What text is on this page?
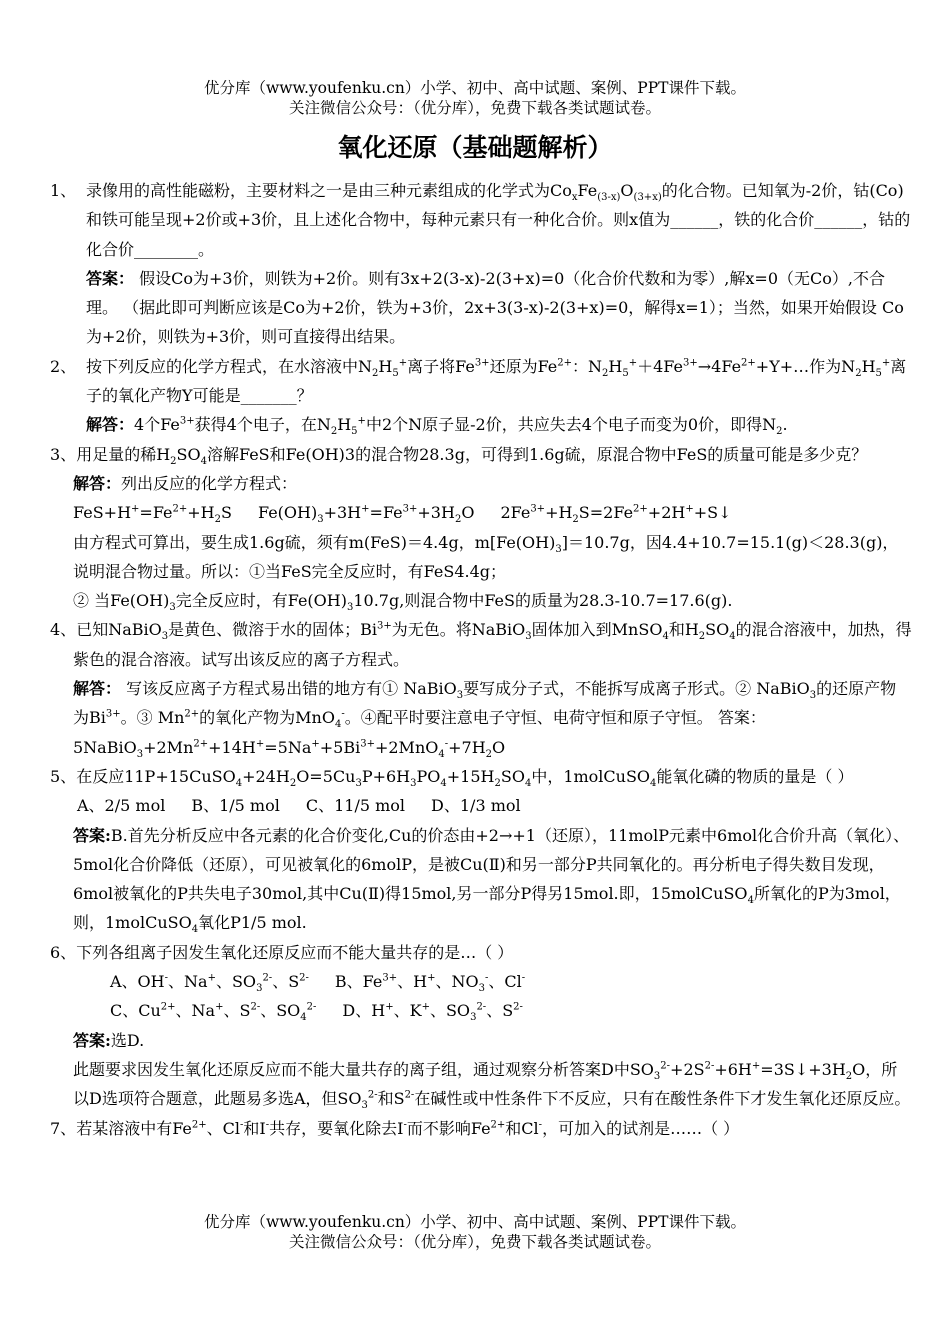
优分库（www.youfenku.cn）小学、初中、高中试题、案例、PPT课件下载。
关注微信公众号：（优分库），免费下载各类试题试卷。
氧化还原（基础题解析）
1、 录像用的高性能磁粉，主要材料之一是由三种元素组成的化学式为$Co_xFe_{(3-x)}O_{(3+x)}$的化合物。已知氧为-2价，钴(Co)和铁可能呈现+2价或+3价，且上述化合物中，每种元素只有一种化合价。则x值为______，铁的化合价______，钴的化合价________。
答案： 假设Co为+3价，则铁为+2价。则有3x+2(3-x)-2(3+x)=0（化合价代数和为零）,解x=0（无Co）,不合理。 （据此即可判断应该是Co为+2价，铁为+3价，2x+3(3-x)-2(3+x)=0，解得x=1）；当然，如果开始假设 Co为+2价，则铁为+3价，则可直接得出结果。
2、 按下列反应的化学方程式，在水溶液中$N_2H_5^+$离子将$Fe^{3+}$还原为$Fe^{2+}$：$N_2H_5^++4Fe^{3+}\to 4Fe^{2+}+Y+\dots$作为$N_2H_5^+$离子的氧化产物Y可能是_______？
解答：4个$Fe^{3+}$获得4个电子，在$N_2H_5^+$中2个N原子显-2价，共应失去4个电子而变为0价，即得$N_2$.
3、用足量的稀$H_2SO_4$溶解FeS和Fe(OH)3的混合物28.3g，可得到1.6g硫，原混合物中FeS的质量可能是多少克？
解答：列出反应的化学方程式：
$FeS+H^+=Fe^{2+}+H_2S$ $Fe(OH)_3+3H^+=Fe^{3+}+3H_2O$ $2Fe^{3+}+H_2S=2Fe^{2+}+2H^++S↓$
由方程式可算出，要生成1.6g硫，须有m(FeS)＝4.4g，$m[Fe(OH)_3]=10.7g$，因4.4+10.7=15.1(g)＜28.3(g)，说明混合物过量。所以：①当FeS完全反应时，有FeS4.4g；
② 当$Fe(OH)_3$完全反应时，有$Fe(OH)_310.7g$,则混合物中FeS的质量为28.3-10.7=17.6(g).
4、已知NaBiO$_3$是黄色、微溶于水的固体；$Bi^{3+}$为无色。将NaBiO$_3$固体加入到MnSO$_4$和$H_2SO_4$的混合溶液中，加热，得紫色的混合溶液。试写出该反应的离子方程式。
解答： 写该反应离子方程式易出错的地方有① NaBiO$_3$要写成分子式，不能拆写成离子形式。② NaBiO$_3$的还原产物为$Bi^{3+}$。③ $Mn^{2+}$的氧化产物为MnO$_4$-。④配平时要注意电子守恒、电荷守恒和原子守恒。 答案：$5NaBiO_3+2Mn^{2+}+14H^+=5Na^++5Bi^{3+}+2MnO_4^-+7H_2O$
5、在反应$11P+15CuSO_4+24H_2O=5Cu_3P+6H_3PO_4+15H_2SO_4$中，1molCuSO$_4$能氧化磷的物质的量是（ ）
A、2/5 mol B、1/5 mol C、11/5 mol D、1/3 mol
答案:B.首先分析反应中各元素的化合价变化,Cu的价态由+2→+1（还原），11molP元素中6mol化合价升高（氧化）、5mol化合价降低（还原），可见被氧化的6molP，是被Cu(Ⅱ)和另一部分P共同氧化的。再分析电子得失数目发现，6mol被氧化的P共失电子30mol,其中Cu(Ⅱ)得15mol,另一部分P得另15mol.即，15molCuSO$_4$所氧化的P为3mol，则，1molCuSO$_4$氧化P1/5 mol.
6、下列各组离子因发生氧化还原反应而不能大量共存的是…（ ）
A、OH-、Na+、$SO_3^{2-}$、$S^{2-}$ B、$Fe^{3+}$、H+、$NO_3^-$、Cl-
C、$Cu^{2+}$、Na+、$S^{2-}$、$SO_4^{2-}$ D、H+、K+、$SO_3^{2-}$、$S^{2-}$
答案:选D.
此题要求因发生氧化还原反应而不能大量共存的离子组，通过观察分析答案D中$SO_3^{2-}+2S^{2-}+6H^+=3S↓+3H_2O$，所以D选项符合题意，此题易多选A，但$SO_3^{2-}$和$S^{2-}$在碱性或中性条件下不反应，只有在酸性条件下才发生氧化还原反应。
7、若某溶液中有$Fe^{2+}$、Cl-和I-共存，要氧化除去I-而不影响$Fe^{2+}$和Cl-，可加入的试剂是……（ ）
优分库（www.youfenku.cn）小学、初中、高中试题、案例、PPT课件下载。
关注微信公众号：（优分库），免费下载各类试题试卷。
